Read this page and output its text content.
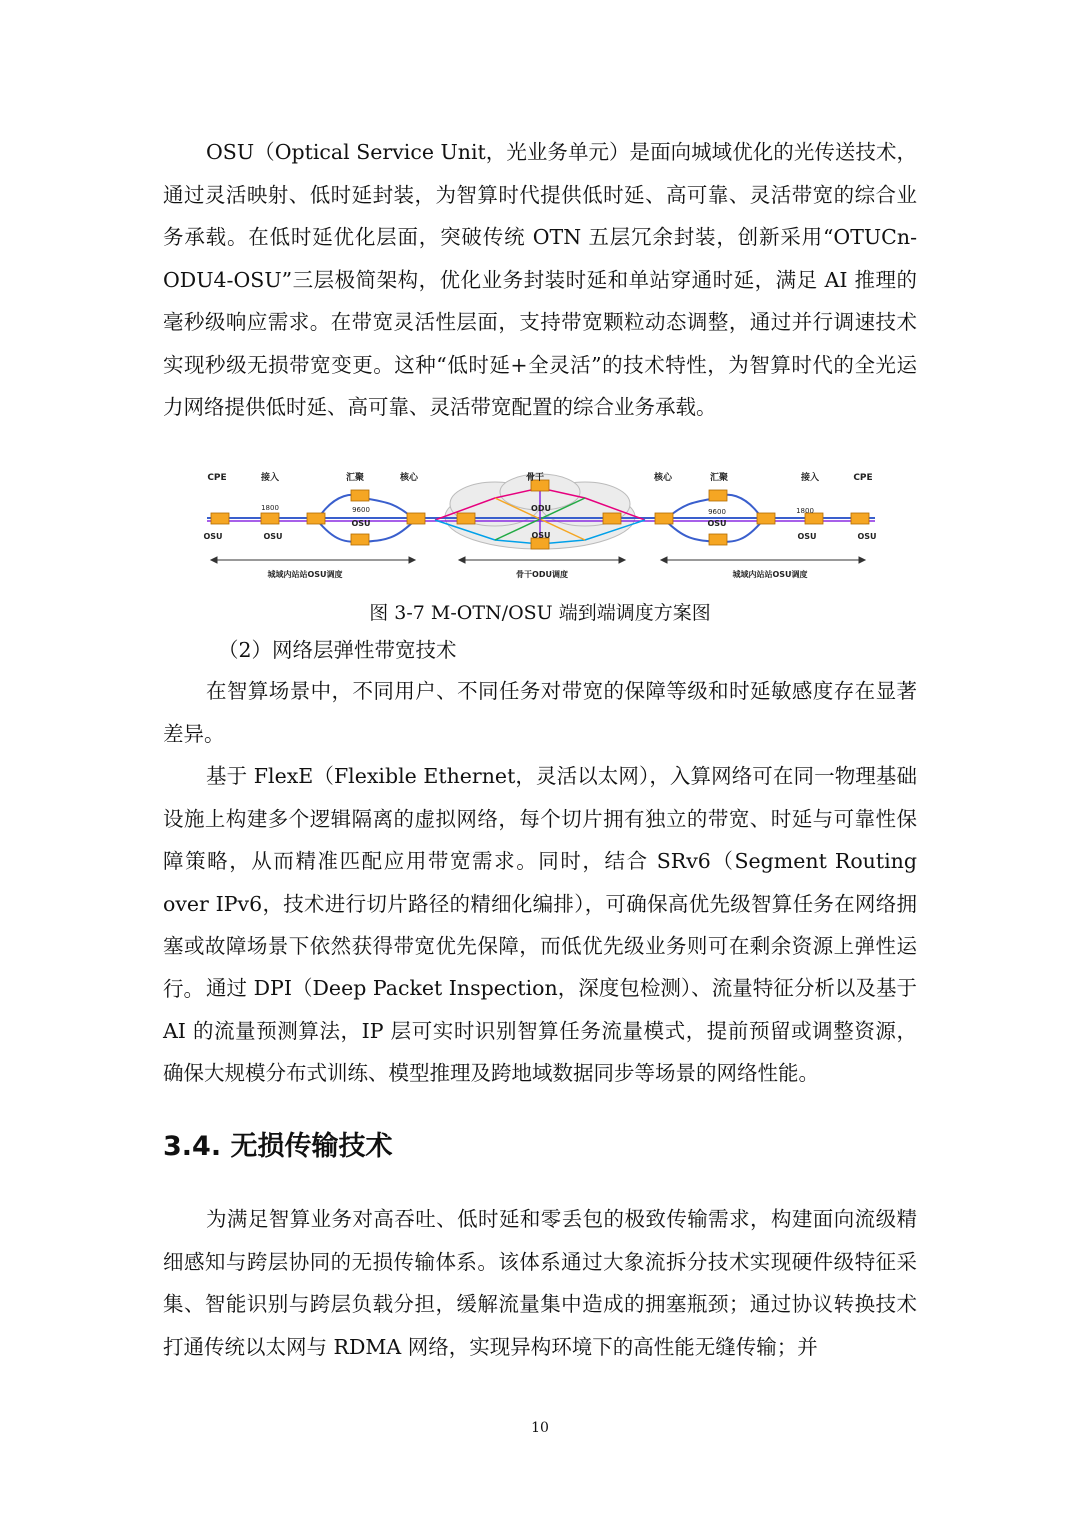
OSU（Optical Service Unit，光业务单元）是面向城域优化的光传送技术，通过灵活映射、低时延封装，为智算时代提供低时延、高可靠、灵活带宽的综合业务承载。在低时延优化层面，突破传统 OTN 五层冗余封装，创新采用“OTUCn-ODU4-OSU”三层极简架构，优化业务封装时延和单站穿通时延，满足 AI 推理的毫秒级响应需求。在带宽灵活性层面，支持带宽颗粒动态调整，通过并行调速技术实现秒级无损带宽变更。这种“低时延+全灵活”的技术特性，为智算时代的全光运力网络提供低时延、高可靠、灵活带宽配置的综合业务承载。

CPE	接入	汇聚	核心	骨干	核心	汇聚	接入	CPE
1800	9600	9600	1800
OSU
ODU
OSU
OSU	OSU	OSU	OSU	OSU
城域内站站OSU调度	骨干ODU调度	城域内站站OSU调度
图 3-7 M-OTN/OSU 端到端调度方案图
（2）网络层弹性带宽技术

在智算场景中，不同用户、不同任务对带宽的保障等级和时延敏感度存在显著差异。

基于 FlexE（Flexible Ethernet，灵活以太网），入算网络可在同一物理基础设施上构建多个逻辑隔离的虚拟网络，每个切片拥有独立的带宽、时延与可靠性保障策略，从而精准匹配应用带宽需求。同时，结合 SRv6（Segment Routing over IPv6，技术进行切片路径的精细化编排），可确保高优先级智算任务在网络拥塞或故障场景下依然获得带宽优先保障，而低优先级业务则可在剩余资源上弹性运行。 通过 DPI（Deep Packet Inspection，深度包检测）、流量特征分析以及基于 AI 的流量预测算法，IP 层可实时识别智算任务流量模式，提前预留或调整资源，确保大规模分布式训练、模型推理及跨地域数据同步等场景的网络性能。

3.4. 无损传输技术

为满足智算业务对高吞吐、低时延和零丢包的极致传输需求，构建面向流级精细感知与跨层协同的无损传输体系。该体系通过大象流拆分技术实现硬件级特征采集、智能识别与跨层负载分担，缓解流量集中造成的拥塞瓶颈；通过协议转换技术打通传统以太网与 RDMA 网络，实现异构环境下的高性能无缝传输；并

10
